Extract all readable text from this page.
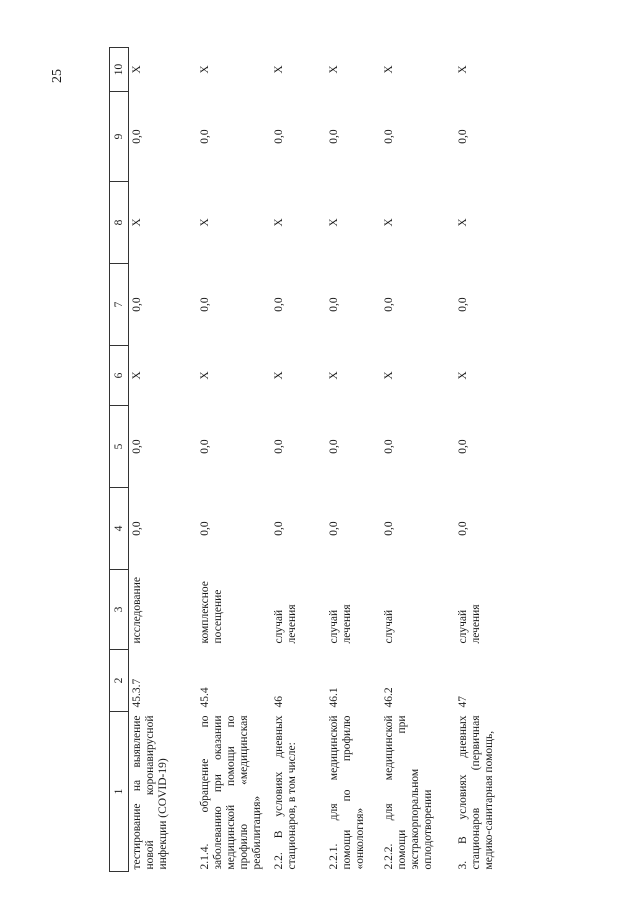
25
1	2	3	4	5	6	7	8	9	10
тестирование на выявление новой коронавирусной инфекции (COVID-19)	45.3.7	исследование	0,0	0,0	X	0,0	X	0,0	X
2.1.4. обращение по заболеванию при оказании медицинской помощи по профилю «медицинская реабилитация»	45.4	комплексное посещение	0,0	0,0	X	0,0	X	0,0	X
2.2. В условиях дневных стационаров, в том числе:	46	случай лечения	0,0	0,0	X	0,0	X	0,0	X
2.2.1. для медицинской помощи по профилю «онкология»	46.1	случай лечения	0,0	0,0	X	0,0	X	0,0	X
2.2.2. для медицинской помощи при экстракорпоральном оплодотворении	46.2	случай	0,0	0,0	X	0,0	X	0,0	X
3. В условиях дневных стационаров (первичная медико-санитарная помощь,	47	случай лечения	0,0	0,0	X	0,0	X	0,0	X
